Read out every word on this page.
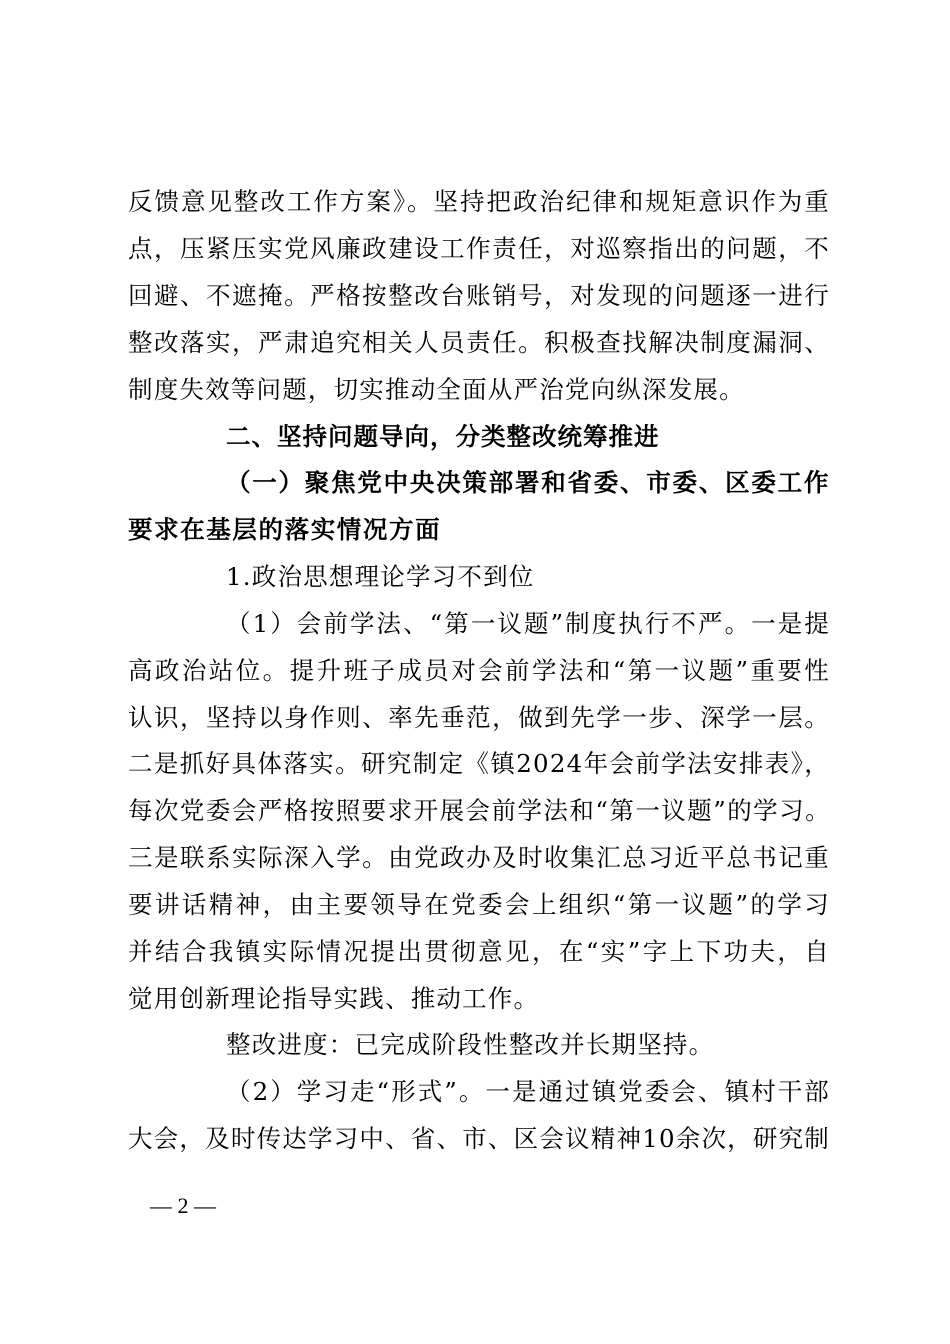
反馈意见整改工作方案》。坚持把政治纪律和规矩意识作为重
点，压紧压实党风廉政建设工作责任，对巡察指出的问题，不
回避、不遮掩。严格按整改台账销号，对发现的问题逐一进行
整改落实，严肃追究相关人员责任。积极查找解决制度漏洞、
制度失效等问题，切实推动全面从严治党向纵深发展。
二、坚持问题导向，分类整改统筹推进
（一）聚焦党中央决策部署和省委、市委、区委工作
要求在基层的落实情况方面
1.政治思想理论学习不到位
（1）会前学法、“第一议题”制度执行不严。一是提
高政治站位。提升班子成员对会前学法和“第一议题”重要性
认识，坚持以身作则、率先垂范，做到先学一步、深学一层。
二是抓好具体落实。研究制定《镇2024年会前学法安排表》，
每次党委会严格按照要求开展会前学法和“第一议题”的学习。
三是联系实际深入学。由党政办及时收集汇总习近平总书记重
要讲话精神，由主要领导在党委会上组织“第一议题”的学习
并结合我镇实际情况提出贯彻意见，在“实”字上下功夫，自
觉用创新理论指导实践、推动工作。
整改进度：已完成阶段性整改并长期坚持。
（2）学习走“形式”。一是通过镇党委会、镇村干部
大会，及时传达学习中、省、市、区会议精神10余次，研究制
— 2 —
